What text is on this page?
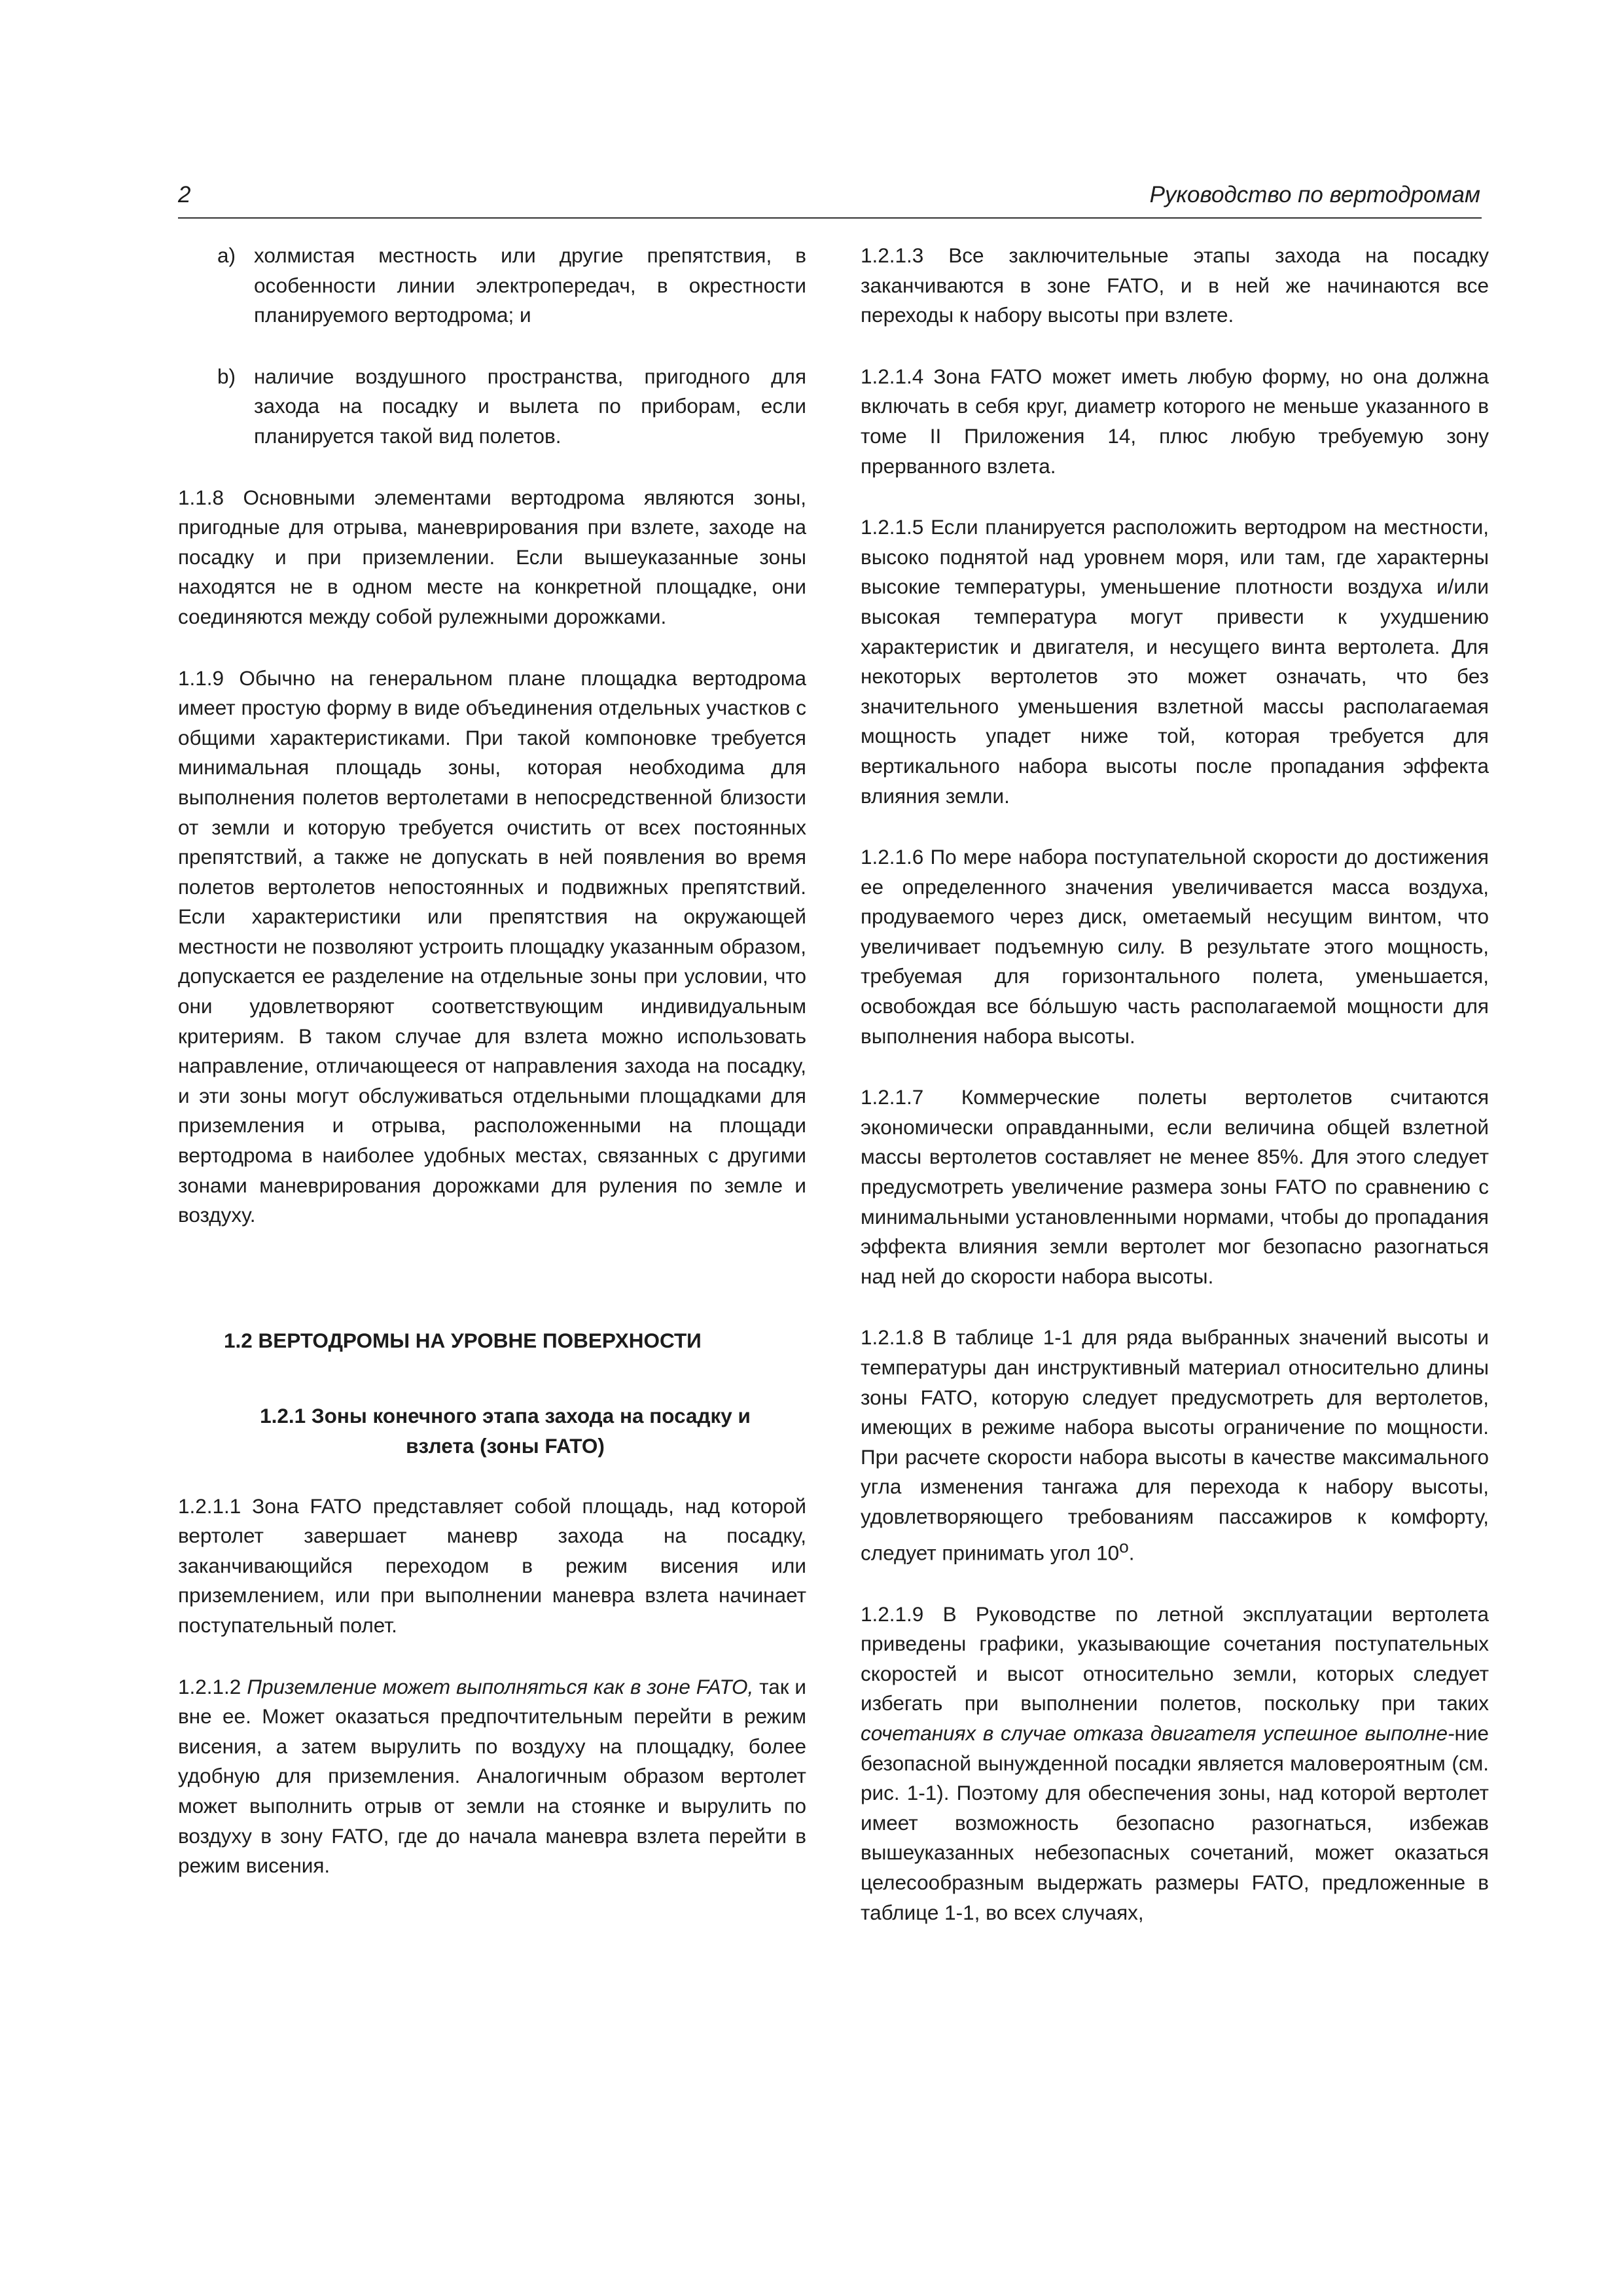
2	Руководство по вертодромам
a) холмистая местность или другие препятствия, в особенности линии электропередач, в окрестности планируемого вертодрома; и
b) наличие воздушного пространства, пригодного для захода на посадку и вылета по приборам, если планируется такой вид полетов.

1.1.8 Основными элементами вертодрома являются зоны, пригодные для отрыва, маневрирования при взлете, заходе на посадку и при приземлении. Если вышеуказанные зоны находятся не в одном месте на конкретной площадке, они соединяются между собой рулежными дорожками.

1.1.9 Обычно на генеральном плане площадка вертодрома имеет простую форму в виде объединения отдельных участков с общими характеристиками. При такой компоновке требуется минимальная площадь зоны, которая необходима для выполнения полетов вертолетами в непосредственной близости от земли и которую требуется очистить от всех постоянных препятствий, а также не допускать в ней появления во время полетов вертолетов непостоянных и подвижных препятствий. Если характеристики или препятствия на окружающей местности не позволяют устроить площадку указанным образом, допускается ее разделение на отдельные зоны при условии, что они удовлетворяют соответствующим индивидуальным критериям. В таком случае для взлета можно использовать направление, отличающееся от направления захода на посадку, и эти зоны могут обслуживаться отдельными площадками для приземления и отрыва, расположенными на площади вертодрома в наиболее удобных местах, связанных с другими зонами маневрирования дорожками для руления по земле и воздуху.

1.2 ВЕРТОДРОМЫ НА УРОВНЕ ПОВЕРХНОСТИ
1.2.1 Зоны конечного этапа захода на посадку и
взлета (зоны FATO)

1.2.1.1 Зона FATO представляет собой площадь, над которой вертолет завершает маневр захода на посадку, заканчивающийся переходом в режим висения или приземлением, или при выполнении маневра взлета начинает поступательный полет.

1.2.1.2 Приземление может выполняться как в зоне FATO, так и вне ее. Может оказаться предпочтительным перейти в режим висения, а затем вырулить по воздуху на площадку, более удобную для приземления. Аналогичным образом вертолет может выполнить отрыв от земли на стоянке и вырулить по воздуху в зону FATO, где до начала маневра взлета перейти в режим висения.

1.2.1.3 Все заключительные этапы захода на посадку заканчиваются в зоне FATO, и в ней же начинаются все переходы к набору высоты при взлете.

1.2.1.4 Зона FATO может иметь любую форму, но она должна включать в себя круг, диаметр которого не меньше указанного в томе II Приложения 14, плюс любую требуемую зону прерванного взлета.

1.2.1.5 Если планируется расположить вертодром на местности, высоко поднятой над уровнем моря, или там, где характерны высокие температуры, уменьшение плотности воздуха и/или высокая температура могут привести к ухудшению характеристик и двигателя, и несущего винта вертолета. Для некоторых вертолетов это может означать, что без значительного уменьшения взлетной массы располагаемая мощность упадет ниже той, которая требуется для вертикального набора высоты после пропадания эффекта влияния земли.

1.2.1.6 По мере набора поступательной скорости до достижения ее определенного значения увеличивается масса воздуха, продуваемого через диск, ометаемый несущим винтом, что увеличивает подъемную силу. В результате этого мощность, требуемая для горизонтального полета, уменьшается, освобождая все бо́льшую часть располагаемой мощности для выполнения набора высоты.

1.2.1.7 Коммерческие полеты вертолетов считаются экономически оправданными, если величина общей взлетной массы вертолетов составляет не менее 85%. Для этого следует предусмотреть увеличение размера зоны FATO по сравнению с минимальными установленными нормами, чтобы до пропадания эффекта влияния земли вертолет мог безопасно разогнаться над ней до скорости набора высоты.

1.2.1.8 В таблице 1-1 для ряда выбранных значений высоты и температуры дан инструктивный материал относительно длины зоны FATO, которую следует предусмотреть для вертолетов, имеющих в режиме набора высоты ограничение по мощности. При расчете скорости набора высоты в качестве максимального угла изменения тангажа для перехода к набору высоты, удовлетворяющего требованиям пассажиров к комфорту, следует принимать угол 10$^o$.

1.2.1.9 В Руководстве по летной эксплуатации вертолета приведены графики, указывающие сочетания поступательных скоростей и высот относительно земли, которых следует избегать при выполнении полетов, поскольку при таких сочетаниях в случае отказа двигателя успешное выполне-ние безопасной вынужденной посадки является маловероятным (см. рис. 1-1). Поэтому для обеспечения зоны, над которой вертолет имеет возможность безопасно разогнаться, избежав вышеуказанных небезопасных сочетаний, может оказаться целесообразным выдержать размеры FATO, предложенные в таблице 1-1, во всех случаях,
